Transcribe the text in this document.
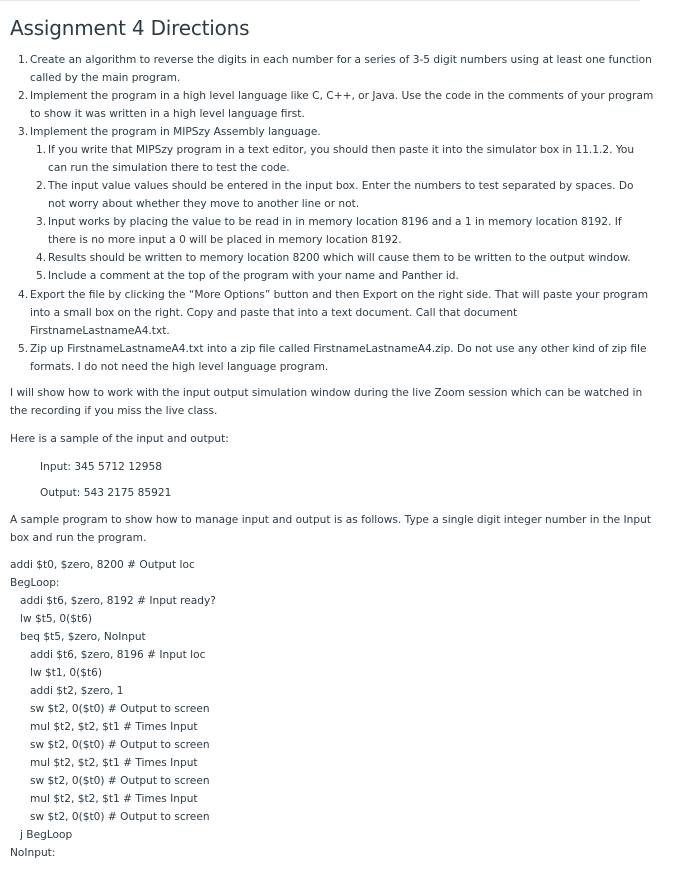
Assignment 4 Directions
1. Create an algorithm to reverse the digits in each number for a series of 3-5 digit numbers using at least one function
called by the main program.
2. Implement the program in a high level language like C, C++, or Java. Use the code in the comments of your program
to show it was written in a high level language first.
3. Implement the program in MIPSzy Assembly language.
1. If you write that MIPSzy program in a text editor, you should then paste it into the simulator box in 11.1.2. You
can run the simulation there to test the code.
2. The input value values should be entered in the input box. Enter the numbers to test separated by spaces. Do
not worry about whether they move to another line or not.
3. Input works by placing the value to be read in in memory location 8196 and a 1 in memory location 8192. If
there is no more input a 0 will be placed in memory location 8192.
4. Results should be written to memory location 8200 which will cause them to be written to the output window.
5. Include a comment at the top of the program with your name and Panther id.
4. Export the file by clicking the “More Options” button and then Export on the right side. That will paste your program
into a small box on the right. Copy and paste that into a text document. Call that document
FirstnameLastnameA4.txt.
5. Zip up FirstnameLastnameA4.txt into a zip file called FirstnameLastnameA4.zip. Do not use any other kind of zip file
formats. I do not need the high level language program.
I will show how to work with the input output simulation window during the live Zoom session which can be watched in
the recording if you miss the live class.
Here is a sample of the input and output:
Input: 345 5712 12958
Output: 543 2175 85921
A sample program to show how to manage input and output is as follows. Type a single digit integer number in the Input
box and run the program.
addi $t0, $zero, 8200 # Output loc
BegLoop:
addi $t6, $zero, 8192 # Input ready?
lw $t5, 0($t6)
beq $t5, $zero, NoInput
addi $t6, $zero, 8196 # Input loc
lw $t1, 0($t6)
addi $t2, $zero, 1
sw $t2, 0($t0) # Output to screen
mul $t2, $t2, $t1 # Times Input
sw $t2, 0($t0) # Output to screen
mul $t2, $t2, $t1 # Times Input
sw $t2, 0($t0) # Output to screen
mul $t2, $t2, $t1 # Times Input
sw $t2, 0($t0) # Output to screen
j BegLoop
NoInput:
